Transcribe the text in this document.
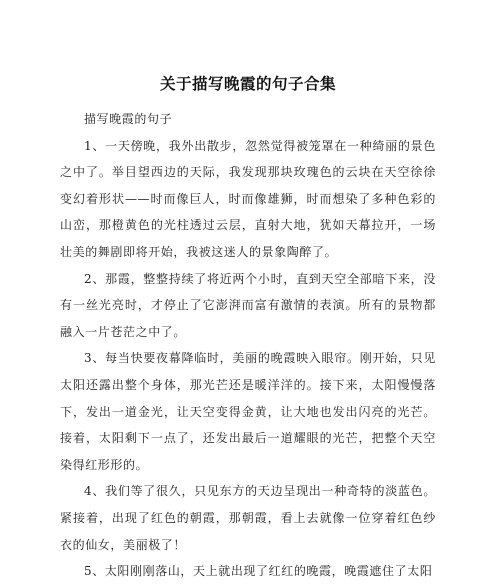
关于描写晚霞的句子合集

描写晚霞的句子

1、一天傍晚，我外出散步，忽然觉得被笼罩在一种绮丽的景色之中了。举目望西边的天际，我发现那块玫瑰色的云块在天空徐徐变幻着形状——时而像巨人，时而像雄狮，时而想染了多种色彩的山峦，那橙黄色的光柱透过云层，直射大地，犹如天幕拉开，一场壮美的舞剧即将开始，我被这迷人的景象陶醉了。

2、那霞，整整持续了将近两个小时，直到天空全部暗下来，没有一丝光亮时，才停止了它澎湃而富有激情的表演。所有的景物都融入一片苍茫之中了。

3、每当快要夜幕降临时，美丽的晚霞映入眼帘。刚开始，只见太阳还露出整个身体，那光芒还是暖洋洋的。接下来，太阳慢慢落下，发出一道金光，让天空变得金黄，让大地也发出闪亮的光芒。接着，太阳剩下一点了，还发出最后一道耀眼的光芒，把整个天空染得红形形的。

4、我们等了很久，只见东方的天边呈现出一种奇特的淡蓝色。紧接着，出现了红色的朝霞，那朝霞，看上去就像一位穿着红色纱衣的仙女，美丽极了！

5、太阳刚刚落山，天上就出现了红红的晚霞，晚霞遮住了太阳
